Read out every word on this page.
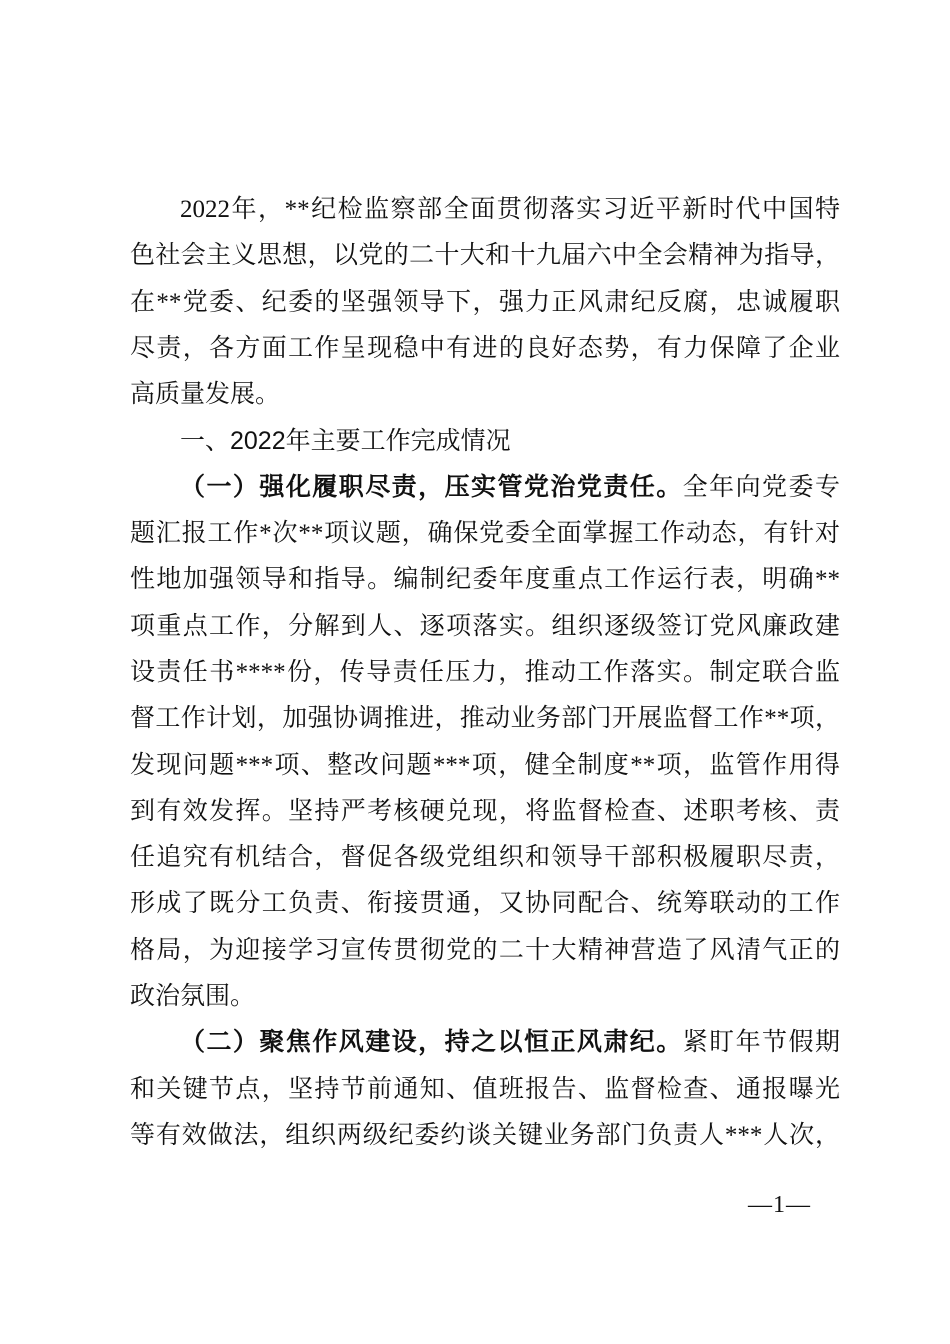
2022年，**纪检监察部全面贯彻落实习近平新时代中国特
色社会主义思想，以党的二十大和十九届六中全会精神为指导，
在**党委、纪委的坚强领导下，强力正风肃纪反腐，忠诚履职
尽责，各方面工作呈现稳中有进的良好态势，有力保障了企业
高质量发展。
一、2022年主要工作完成情况
（一）强化履职尽责，压实管党治党责任。全年向党委专
题汇报工作*次**项议题，确保党委全面掌握工作动态，有针对
性地加强领导和指导。编制纪委年度重点工作运行表，明确**
项重点工作，分解到人、逐项落实。组织逐级签订党风廉政建
设责任书****份，传导责任压力，推动工作落实。制定联合监
督工作计划，加强协调推进，推动业务部门开展监督工作**项，
发现问题***项、整改问题***项，健全制度**项，监管作用得
到有效发挥。坚持严考核硬兑现，将监督检查、述职考核、责
任追究有机结合，督促各级党组织和领导干部积极履职尽责，
形成了既分工负责、衔接贯通，又协同配合、统筹联动的工作
格局，为迎接学习宣传贯彻党的二十大精神营造了风清气正的
政治氛围。
（二）聚焦作风建设，持之以恒正风肃纪。紧盯年节假期
和关键节点，坚持节前通知、值班报告、监督检查、通报曝光
等有效做法，组织两级纪委约谈关键业务部门负责人***人次，
—1—
